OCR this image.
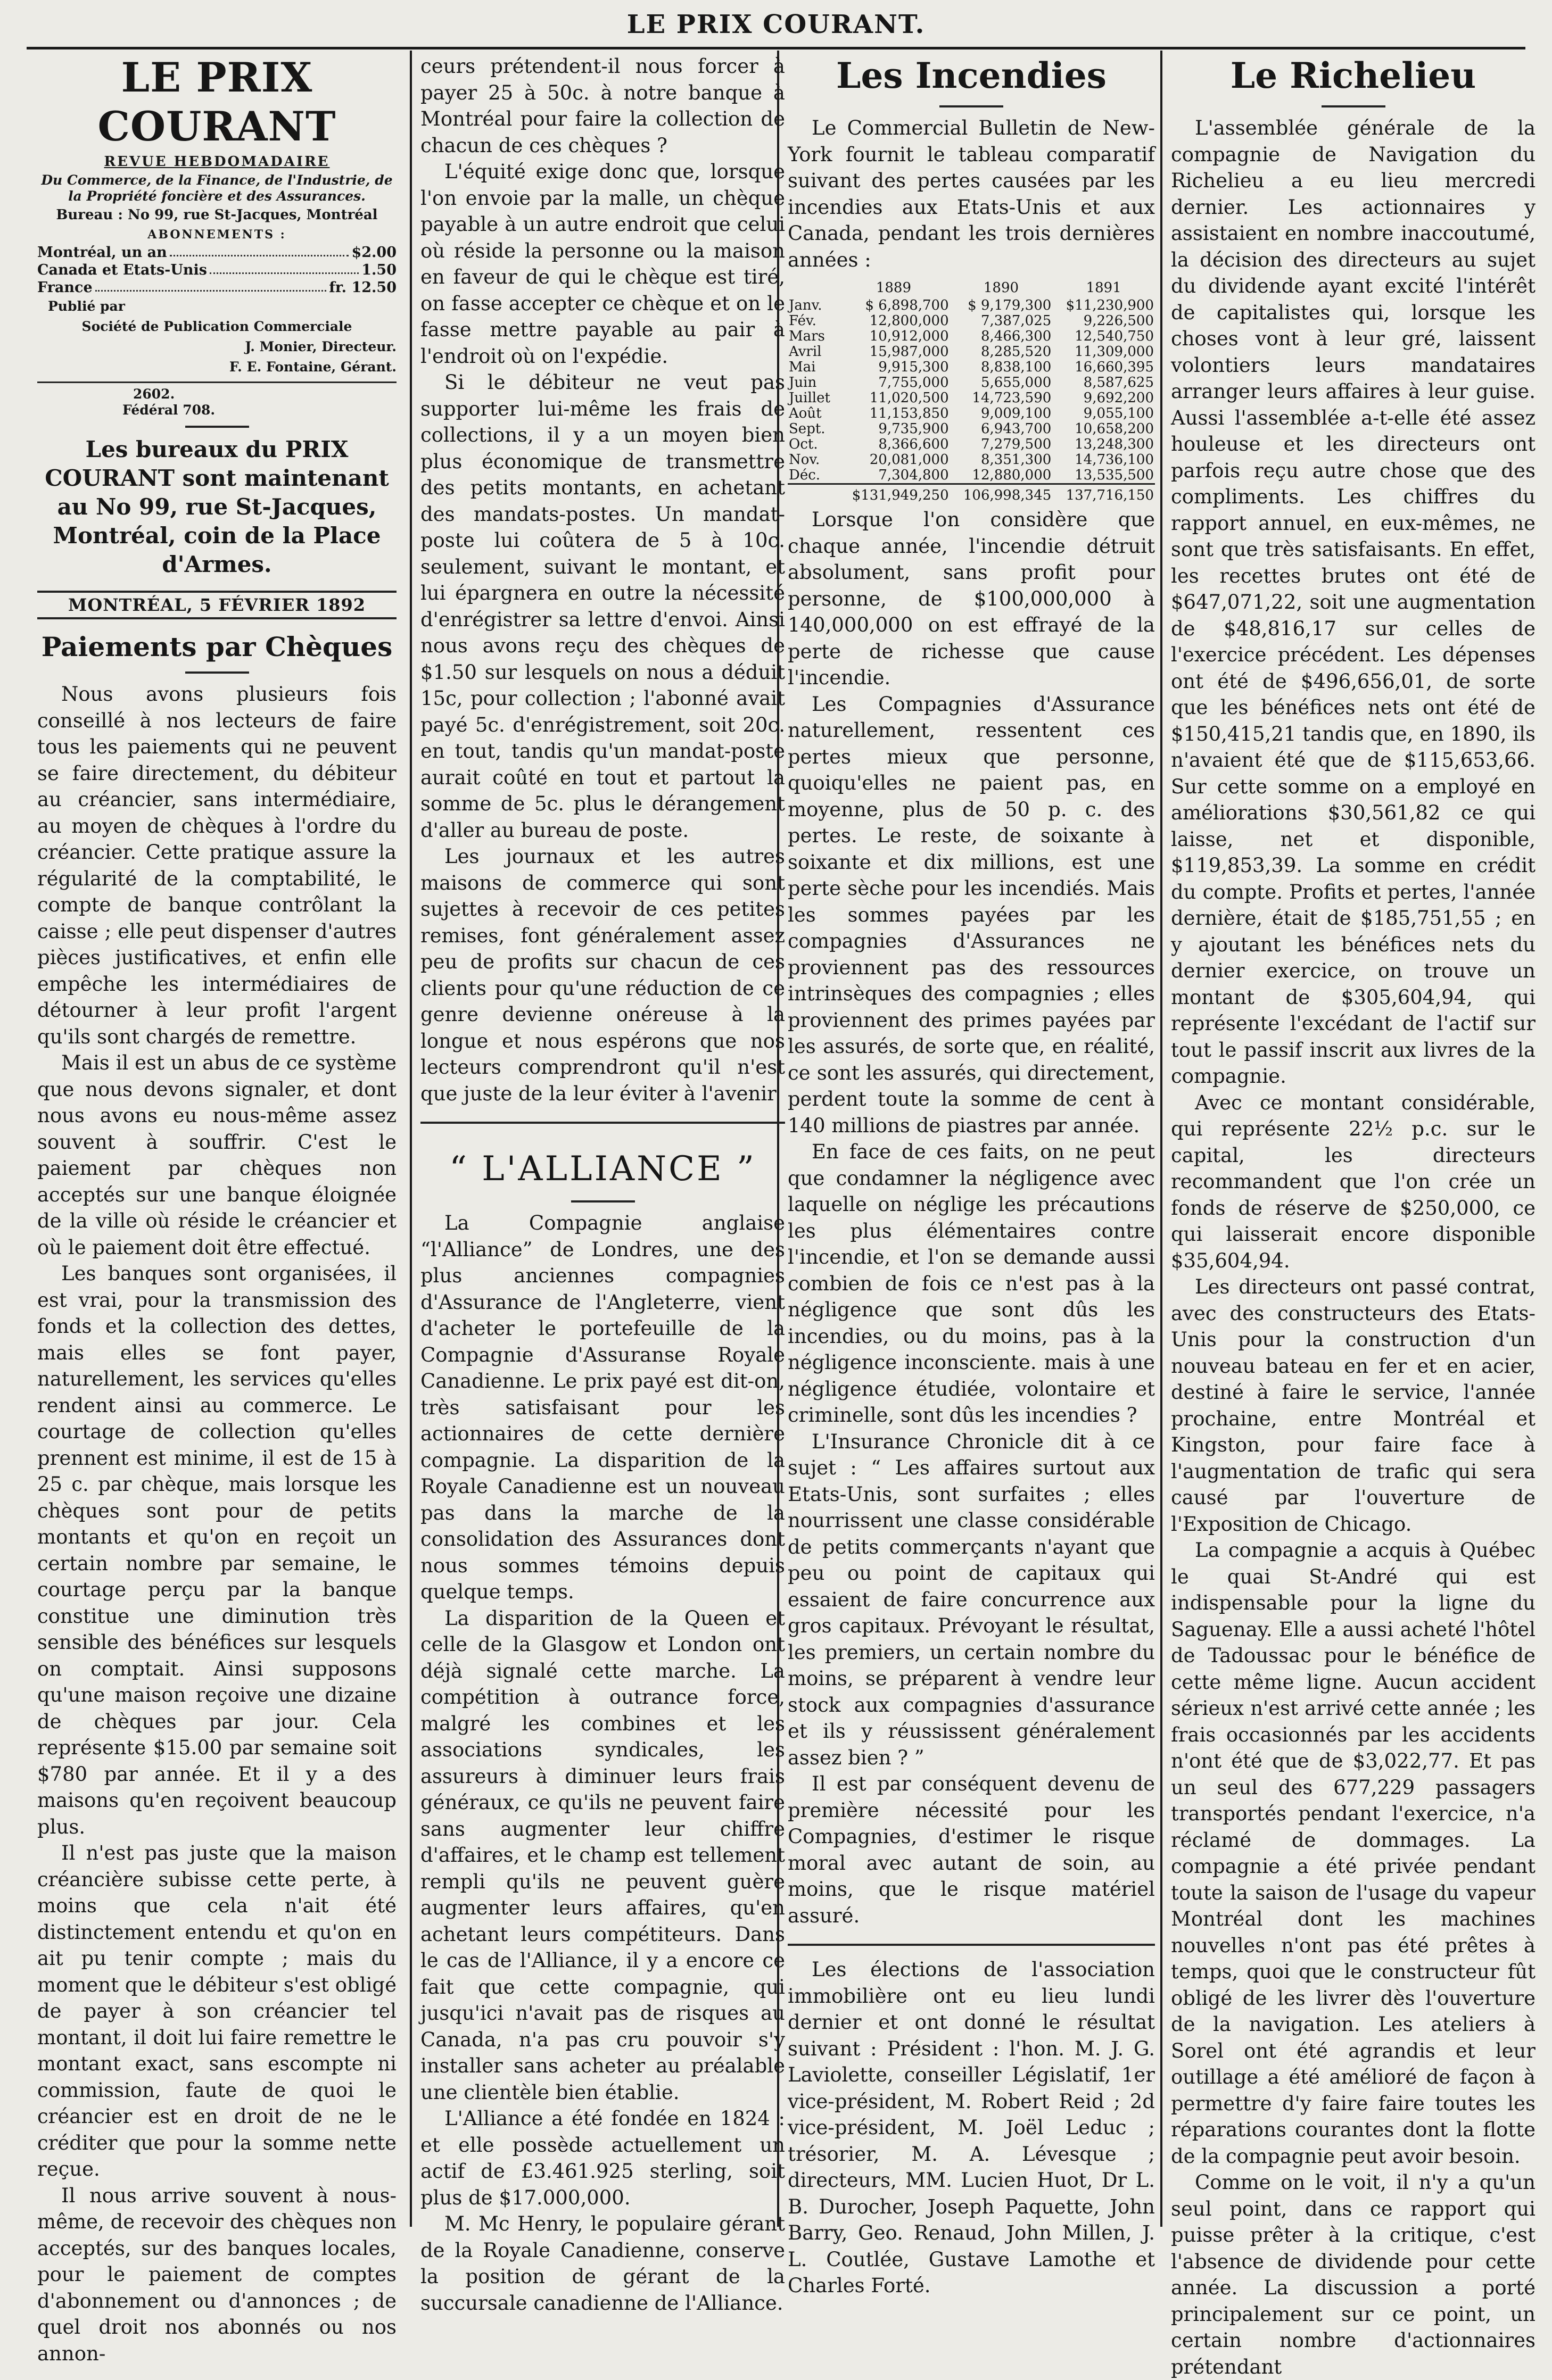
LE PRIX COURANT.
LE PRIX COURANT
REVUE HEBDOMADAIRE
Du Commerce, de la Finance, de l'Industrie, de la Propriété foncière et des Assurances.
Bureau : No 99, rue St-Jacques, Montréal
ABONNEMENTS :
Montréal, un an	$2.00
Canada et Etats-Unis	1.50
France	fr. 12.50
Publié par
Société de Publication Commerciale
J. Monier, Directeur.
F. E. Fontaine, Gérant.
2602.
Fédéral 708.
Les bureaux du PRIX COURANT sont maintenant au No 99, rue St-Jacques, Montréal, coin de la Place d'Armes.
MONTRÉAL, 5 FÉVRIER 1892
Paiements par Chèques

Nous avons plusieurs fois conseillé à nos lecteurs de faire tous les paiements qui ne peuvent se faire directement, du débiteur au créancier, sans intermédiaire, au moyen de chèques à l'ordre du créancier. Cette pratique assure la régularité de la comptabilité, le compte de banque contrôlant la caisse ; elle peut dispenser d'autres pièces justificatives, et enfin elle empêche les intermédiaires de détourner à leur profit l'argent qu'ils sont chargés de remettre.

Mais il est un abus de ce système que nous devons signaler, et dont nous avons eu nous-même assez souvent à souffrir. C'est le paiement par chèques non acceptés sur une banque éloignée de la ville où réside le créancier et où le paiement doit être effectué.

Les banques sont organisées, il est vrai, pour la transmission des fonds et la collection des dettes, mais elles se font payer, naturellement, les services qu'elles rendent ainsi au commerce. Le courtage de collection qu'elles prennent est minime, il est de 15 à 25 c. par chèque, mais lorsque les chèques sont pour de petits montants et qu'on en reçoit un certain nombre par semaine, le courtage perçu par la banque constitue une diminution très sensible des bénéfices sur lesquels on comptait. Ainsi supposons qu'une maison reçoive une dizaine de chèques par jour. Cela représente $15.00 par semaine soit $780 par année. Et il y a des maisons qu'en reçoivent beaucoup plus.

Il n'est pas juste que la maison créancière subisse cette perte, à moins que cela n'ait été distinctement entendu et qu'on en ait pu tenir compte ; mais du moment que le débiteur s'est obligé de payer à son créancier tel montant, il doit lui faire remettre le montant exact, sans escompte ni commission, faute de quoi le créancier est en droit de ne le créditer que pour la somme nette reçue.

Il nous arrive souvent à nous-même, de recevoir des chèques non acceptés, sur des banques locales, pour le paiement de comptes d'abonnement ou d'annonces ; de quel droit nos abonnés ou nos annon-

ceurs prétendent-il nous forcer à payer 25 à 50c. à notre banque à Montréal pour faire la collection de chacun de ces chèques ?

L'équité exige donc que, lorsque l'on envoie par la malle, un chèque payable à un autre endroit que celui où réside la personne ou la maison en faveur de qui le chèque est tiré, on fasse accepter ce chèque et on le fasse mettre payable au pair à l'endroit où on l'expédie.

Si le débiteur ne veut pas supporter lui-même les frais de collections, il y a un moyen bien plus économique de transmettre des petits montants, en achetant des mandats-postes. Un mandat-poste lui coûtera de 5 à 10c. seulement, suivant le montant, et lui épargnera en outre la nécessité d'enrégistrer sa lettre d'envoi. Ainsi nous avons reçu des chèques de $1.50 sur lesquels on nous a déduit 15c, pour collection ; l'abonné avait payé 5c. d'enrégistrement, soit 20c. en tout, tandis qu'un mandat-poste aurait coûté en tout et partout la somme de 5c. plus le dérangement d'aller au bureau de poste.

Les journaux et les autres maisons de commerce qui sont sujettes à recevoir de ces petites remises, font généralement assez peu de profits sur chacun de ces clients pour qu'une réduction de ce genre devienne onéreuse à la longue et nous espérons que nos lecteurs comprendront qu'il n'est que juste de la leur éviter à l'avenir

“ L'ALLIANCE ”

La Compagnie anglaise “l'Alliance” de Londres, une des plus anciennes compagnies d'Assurance de l'Angleterre, vient d'acheter le portefeuille de la Compagnie d'Assuranse Royale Canadienne. Le prix payé est dit-on, très satisfaisant pour les actionnaires de cette dernière compagnie. La disparition de la Royale Canadienne est un nouveau pas dans la marche de la consolidation des Assurances dont nous sommes témoins depuis quelque temps.

La disparition de la Queen et celle de la Glasgow et London ont déjà signalé cette marche. La compétition à outrance force, malgré les combines et les associations syndicales, les assureurs à diminuer leurs frais généraux, ce qu'ils ne peuvent faire sans augmenter leur chiffre d'affaires, et le champ est tellement rempli qu'ils ne peuvent guère augmenter leurs affaires, qu'en achetant leurs compétiteurs. Dans le cas de l'Alliance, il y a encore ce fait que cette compagnie, qui jusqu'ici n'avait pas de risques au Canada, n'a pas cru pouvoir s'y installer sans acheter au préalable une clientèle bien établie.

L'Alliance a été fondée en 1824 : et elle possède actuellement un actif de £3.461.925 sterling, soit plus de $17.000,000.

M. Mc Henry, le populaire gérant de la Royale Canadienne, conserve la position de gérant de la succursale canadienne de l'Alliance.

Les Incendies

Le Commercial Bulletin de New-York fournit le tableau comparatif suivant des pertes causées par les incendies aux Etats-Unis et aux Canada, pendant les trois dernières années :

	1889	1890	1891
Janv.	$ 6,898,700	$ 9,179,300	$11,230,900
Fév.	12,800,000	7,387,025	9,226,500
Mars	10,912,000	8,466,300	12,540,750
Avril	15,987,000	8,285,520	11,309,000
Mai	9,915,300	8,838,100	16,660,395
Juin	7,755,000	5,655,000	8,587,625
Juillet	11,020,500	14,723,590	9,692,200
Août	11,153,850	9,009,100	9,055,100
Sept.	9,735,900	6,943,700	10,658,200
Oct.	8,366,600	7,279,500	13,248,300
Nov.	20,081,000	8,351,300	14,736,100
Déc.	7,304,800	12,880,000	13,535,500
	$131,949,250	106,998,345	137,716,150

Lorsque l'on considère que chaque année, l'incendie détruit absolument, sans profit pour personne, de $100,000,000 à 140,000,000 on est effrayé de la perte de richesse que cause l'incendie.

Les Compagnies d'Assurance naturellement, ressentent ces pertes mieux que personne, quoiqu'elles ne paient pas, en moyenne, plus de 50 p. c. des pertes. Le reste, de soixante à soixante et dix millions, est une perte sèche pour les incendiés. Mais les sommes payées par les compagnies d'Assurances ne proviennent pas des ressources intrinsèques des compagnies ; elles proviennent des primes payées par les assurés, de sorte que, en réalité, ce sont les assurés, qui directement, perdent toute la somme de cent à 140 millions de piastres par année.

En face de ces faits, on ne peut que condamner la négligence avec laquelle on néglige les précautions les plus élémentaires contre l'incendie, et l'on se demande aussi combien de fois ce n'est pas à la négligence que sont dûs les incendies, ou du moins, pas à la négligence inconsciente. mais à une négligence étudiée, volontaire et criminelle, sont dûs les incendies ?

L'Insurance Chronicle dit à ce sujet : “ Les affaires surtout aux Etats-Unis, sont surfaites ; elles nourrissent une classe considérable de petits commerçants n'ayant que peu ou point de capitaux qui essaient de faire concurrence aux gros capitaux. Prévoyant le résultat, les premiers, un certain nombre du moins, se préparent à vendre leur stock aux compagnies d'assurance et ils y réussissent généralement assez bien ? ”

Il est par conséquent devenu de première nécessité pour les Compagnies, d'estimer le risque moral avec autant de soin, au moins, que le risque matériel assuré.

Les élections de l'association immobilière ont eu lieu lundi dernier et ont donné le résultat suivant : Président : l'hon. M. J. G. Laviolette, conseiller Législatif, 1er vice-président, M. Robert Reid ; 2d vice-président, M. Joël Leduc ; trésorier, M. A. Lévesque ; directeurs, MM. Lucien Huot, Dr L. B. Durocher, Joseph Paquette, John Barry, Geo. Renaud, John Millen, J. L. Coutlée, Gustave Lamothe et Charles Forté.

Le Richelieu

L'assemblée générale de la compagnie de Navigation du Richelieu a eu lieu mercredi dernier. Les actionnaires y assistaient en nombre inaccoutumé, la décision des directeurs au sujet du dividende ayant excité l'intérêt de capitalistes qui, lorsque les choses vont à leur gré, laissent volontiers leurs mandataires arranger leurs affaires à leur guise. Aussi l'assemblée a-t-elle été assez houleuse et les directeurs ont parfois reçu autre chose que des compliments. Les chiffres du rapport annuel, en eux-mêmes, ne sont que très satisfaisants. En effet, les recettes brutes ont été de $647,071,22, soit une augmentation de $48,816,17 sur celles de l'exercice précédent. Les dépenses ont été de $496,656,01, de sorte que les bénéfices nets ont été de $150,415,21 tandis que, en 1890, ils n'avaient été que de $115,653,66. Sur cette somme on a employé en améliorations $30,561,82 ce qui laisse, net et disponible, $119,853,39. La somme en crédit du compte. Profits et pertes, l'année dernière, était de $185,751,55 ; en y ajoutant les bénéfices nets du dernier exercice, on trouve un montant de $305,604,94, qui représente l'excédant de l'actif sur tout le passif inscrit aux livres de la compagnie.

Avec ce montant considérable, qui représente 22½ p.c. sur le capital, les directeurs recommandent que l'on crée un fonds de réserve de $250,000, ce qui laisserait encore disponible $35,604,94.

Les directeurs ont passé contrat, avec des constructeurs des Etats-Unis pour la construction d'un nouveau bateau en fer et en acier, destiné à faire le service, l'année prochaine, entre Montréal et Kingston, pour faire face à l'augmentation de trafic qui sera causé par l'ouverture de l'Exposition de Chicago.

La compagnie a acquis à Québec le quai St-André qui est indispensable pour la ligne du Saguenay. Elle a aussi acheté l'hôtel de Tadoussac pour le bénéfice de cette même ligne. Aucun accident sérieux n'est arrivé cette année ; les frais occasionnés par les accidents n'ont été que de $3,022,77. Et pas un seul des 677,229 passagers transportés pendant l'exercice, n'a réclamé de dommages. La compagnie a été privée pendant toute la saison de l'usage du vapeur Montréal dont les machines nouvelles n'ont pas été prêtes à temps, quoi que le constructeur fût obligé de les livrer dès l'ouverture de la navigation. Les ateliers à Sorel ont été agrandis et leur outillage a été amélioré de façon à permettre d'y faire faire toutes les réparations courantes dont la flotte de la compagnie peut avoir besoin.

Comme on le voit, il n'y a qu'un seul point, dans ce rapport qui puisse prêter à la critique, c'est l'absence de dividende pour cette année. La discussion a porté principalement sur ce point, un certain nombre d'actionnaires prétendant
